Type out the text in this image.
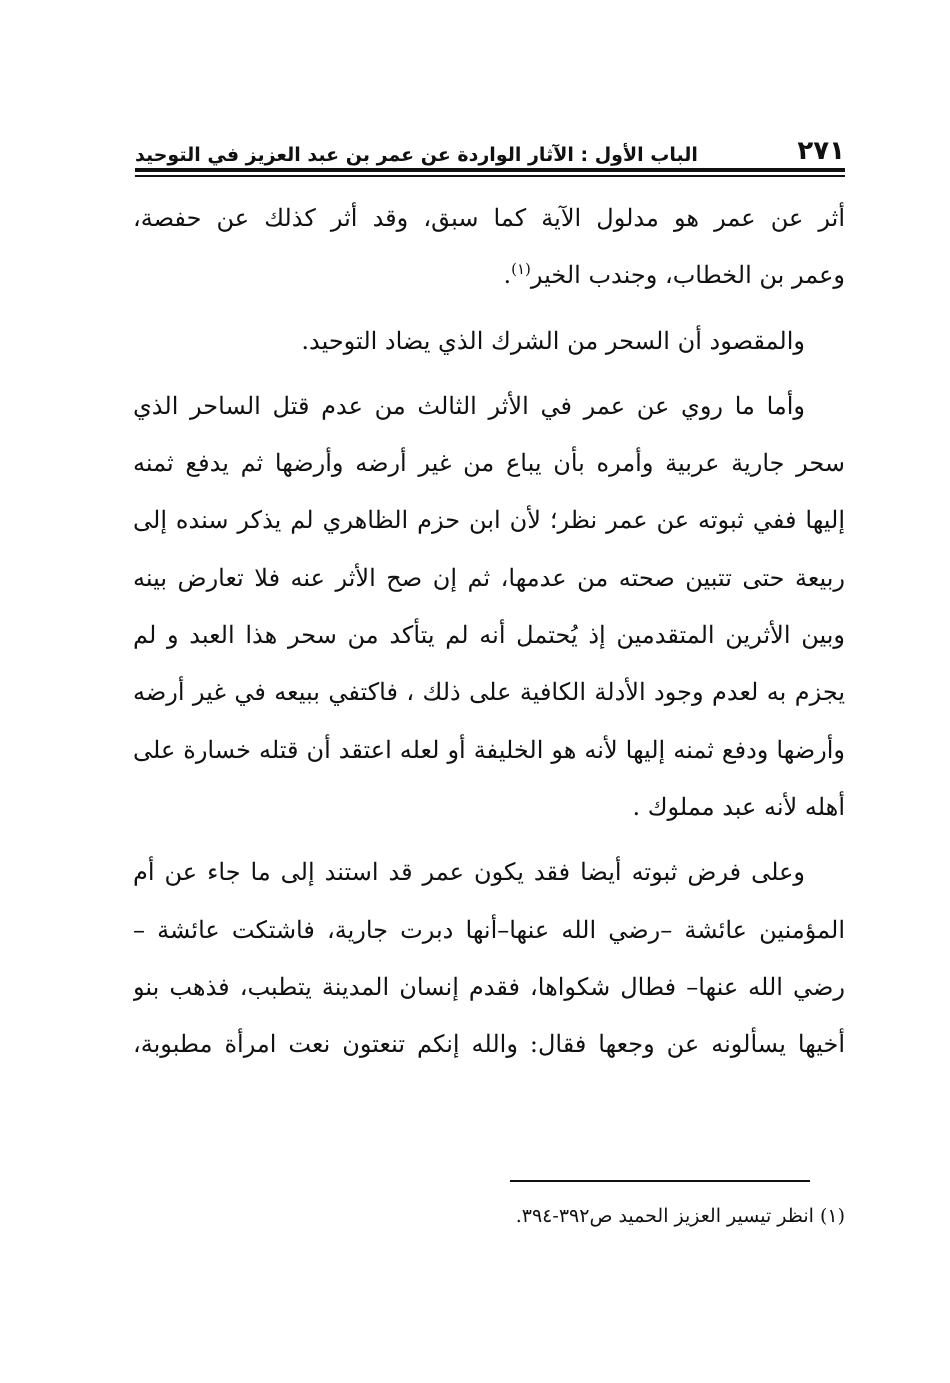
٢٧١
الباب الأول : الآثار الواردة عن عمر بن عبد العزيز في التوحيد
أثر عن عمر هو مدلول الآية كما سبق، وقد أثر كذلك عن حفصة،
وعمر بن الخطاب، وجندب الخير$^{(١)}$.
والمقصود أن السحر من الشرك الذي يضاد التوحيد.
وأما ما روي عن عمر في الأثر الثالث من عدم قتل الساحر الذي
سحر جارية عربية وأمره بأن يباع من غير أرضه وأرضها ثم يدفع ثمنه
إليها ففي ثبوته عن عمر نظر؛ لأن ابن حزم الظاهري لم يذكر سنده إلى
ربيعة حتى تتبين صحته من عدمها، ثم إن صح الأثر عنه فلا تعارض بينه
وبين الأثرين المتقدمين إذ يُحتمل أنه لم يتأكد من سحر هذا العبد و لم
يجزم به لعدم وجود الأدلة الكافية على ذلك ، فاكتفي ببيعه في غير أرضه
وأرضها ودفع ثمنه إليها لأنه هو الخليفة أو لعله اعتقد أن قتله خسارة على
أهله لأنه عبد مملوك .
وعلى فرض ثبوته أيضا فقد يكون عمر قد استند إلى ما جاء عن أم
المؤمنين عائشة –رضي الله عنها–أنها دبرت جارية، فاشتكت عائشة –
رضي الله عنها– فطال شكواها، فقدم إنسان المدينة يتطبب، فذهب بنو
أخيها يسألونه عن وجعها فقال: والله إنكم تنعتون نعت امرأة مطبوبة،
(١) انظر تيسير العزيز الحميد ص٣٩٢-٣٩٤.
